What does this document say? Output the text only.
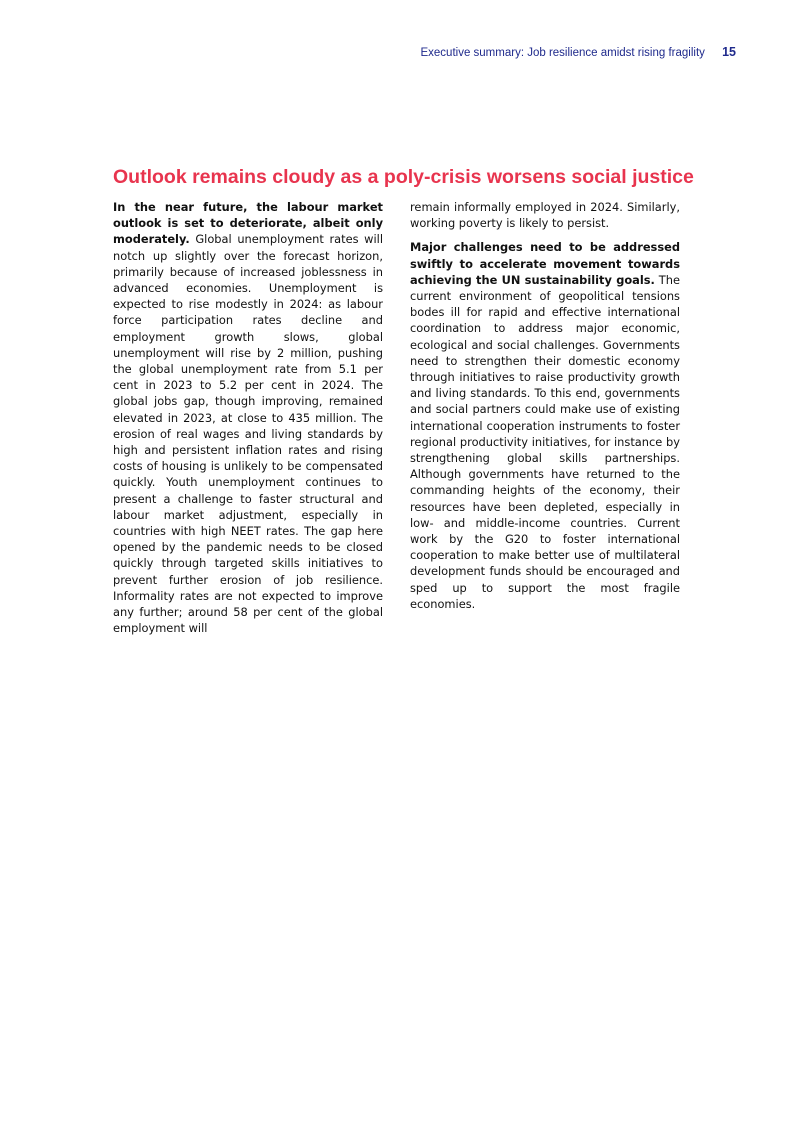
Executive summary: Job resilience amidst rising fragility 15
Outlook remains cloudy as a poly-crisis worsens social justice

In the near future, the labour market outlook is set to deteriorate, albeit only moderately. Global unemployment rates will notch up slightly over the forecast horizon, primarily because of increased joblessness in advanced economies. Unemployment is expected to rise modestly in 2024: as labour force participation rates decline and employment growth slows, global unemployment will rise by 2 million, pushing the global unemployment rate from 5.1 per cent in 2023 to 5.2 per cent in 2024. The global jobs gap, though improving, remained elevated in 2023, at close to 435 million. The erosion of real wages and living standards by high and persistent inflation rates and rising costs of housing is unlikely to be compensated quickly. Youth unemployment continues to present a challenge to faster structural and labour market adjustment, especially in countries with high NEET rates. The gap here opened by the pandemic needs to be closed quickly through targeted skills initiatives to prevent further erosion of job resilience. Informality rates are not expected to improve any further; around 58 per cent of the global employment will

remain informally employed in 2024. Similarly, working poverty is likely to persist.

Major challenges need to be addressed swiftly to accelerate movement towards achieving the UN sustainability goals. The current environment of geopolitical tensions bodes ill for rapid and effective international coordination to address major economic, ecological and social challenges. Governments need to strengthen their domestic economy through initiatives to raise productivity growth and living standards. To this end, governments and social partners could make use of existing international cooperation instruments to foster regional productivity initiatives, for instance by strengthening global skills partnerships. Although governments have returned to the commanding heights of the economy, their resources have been depleted, especially in low- and middle-income countries. Current work by the G20 to foster international cooperation to make better use of multilateral development funds should be encouraged and sped up to support the most fragile economies.
